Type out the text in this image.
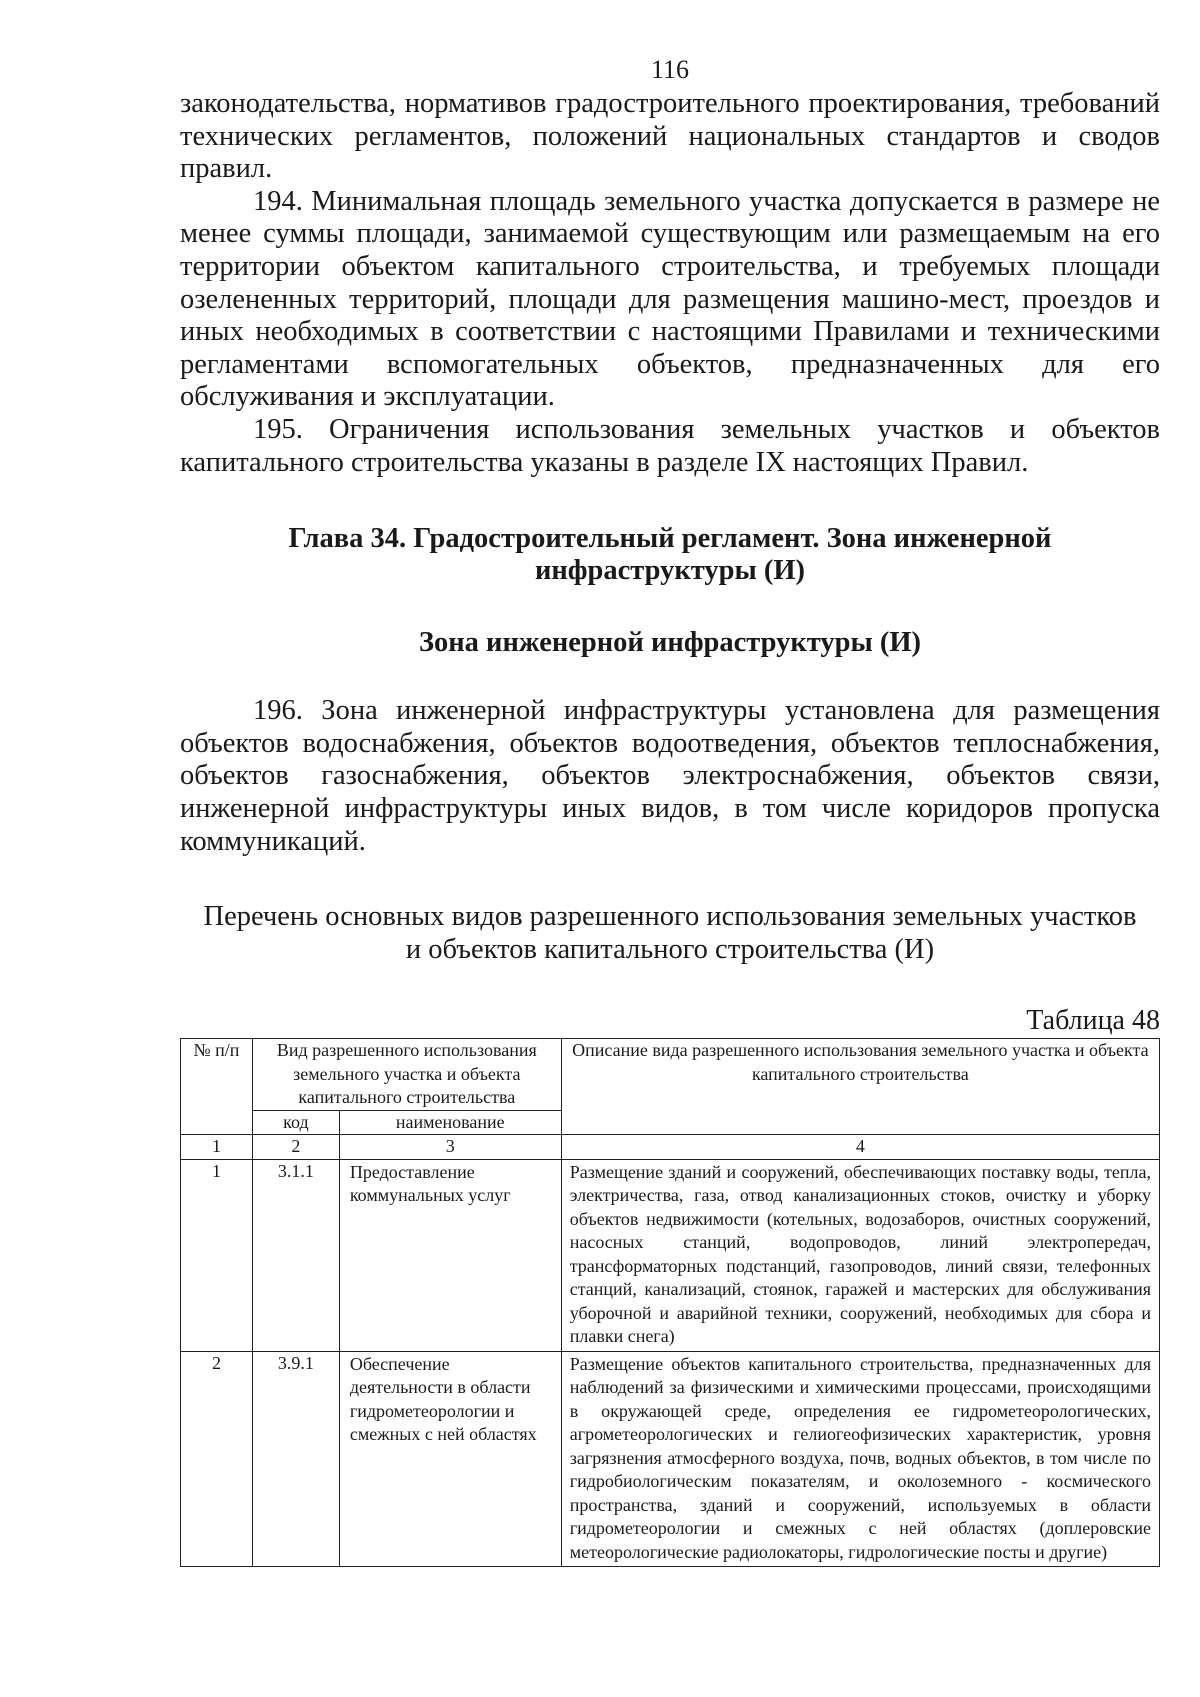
116

законодательства, нормативов градостроительного проектирования, требований технических регламентов, положений национальных стандартов и сводов правил.

194. Минимальная площадь земельного участка допускается в размере не менее суммы площади, занимаемой существующим или размещаемым на его территории объектом капитального строительства, и требуемых площади озелененных территорий, площади для размещения машино-мест, проездов и иных необходимых в соответствии с настоящими Правилами и техническими регламентами вспомогательных объектов, предназначенных для его обслуживания и эксплуатации.

195. Ограничения использования земельных участков и объектов капитального строительства указаны в разделе IX настоящих Правил.

Глава 34. Градостроительный регламент. Зона инженерной
инфраструктуры (И)
Зона инженерной инфраструктуры (И)

196. Зона инженерной инфраструктуры установлена для размещения объектов водоснабжения, объектов водоотведения, объектов теплоснабжения, объектов газоснабжения, объектов электроснабжения, объектов связи, инженерной инфраструктуры иных видов, в том числе коридоров пропуска коммуникаций.

Перечень основных видов разрешенного использования земельных участков
и объектов капитального строительства (И)
Таблица 48
№ п/п	Вид разрешенного использования земельного участка и объекта капитального строительства		Описание вида разрешенного использования земельного участка и объекта капитального строительства
	код	наименование	
1	2	3	4
1	3.1.1	Предоставление коммунальных услуг	Размещение зданий и сооружений, обеспечивающих поставку воды, тепла, электричества, газа, отвод канализационных стоков, очистку и уборку объектов недвижимости (котельных, водозаборов, очистных сооружений, насосных станций, водопроводов, линий электропередач, трансформаторных подстанций, газопроводов, линий связи, телефонных станций, канализаций, стоянок, гаражей и мастерских для обслуживания уборочной и аварийной техники, сооружений, необходимых для сбора и плавки снега)
2	3.9.1	Обеспечение деятельности в области гидрометеорологии и смежных с ней областях	Размещение объектов капитального строительства, предназначенных для наблюдений за физическими и химическими процессами, происходящими в окружающей среде, определения ее гидрометеорологических, агрометеорологических и гелиогеофизических характеристик, уровня загрязнения атмосферного воздуха, почв, водных объектов, в том числе по гидробиологическим показателям, и околоземного - космического пространства, зданий и сооружений, используемых в области гидрометеорологии и смежных с ней областях (доплеровские метеорологические радиолокаторы, гидрологические посты и другие)
